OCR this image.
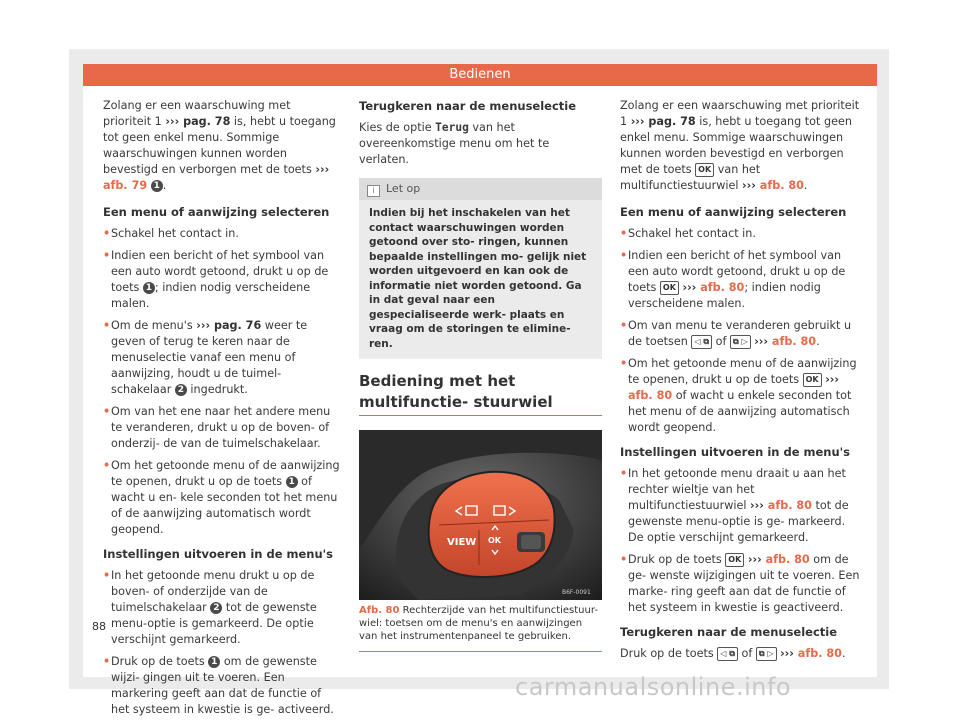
Bedienen

Zolang er een waarschuwing met prioriteit 1 ››› pag. 78 is, hebt u toegang tot geen enkel menu. Sommige waarschuwingen kunnen worden bevestigd en verborgen met de toets ››› afb. 79 1 .

Een menu of aanwijzing selecteren
• Schakel het contact in.
• Indien een bericht of het symbool van een auto wordt getoond, drukt u op de toets 1 ; indien nodig verscheidene malen.
• Om de menu's ››› pag. 76 weer te geven of terug te keren naar de menuselectie vanaf een menu of aanwijzing, houdt u de tuimel- schakelaar 2 ingedrukt.
• Om van het ene naar het andere menu te veranderen, drukt u op de boven- of onderzij- de van de tuimelschakelaar.
• Om het getoonde menu of de aanwijzing te openen, drukt u op de toets 1 of wacht u en- kele seconden tot het menu of de aanwijzing automatisch wordt geopend.
Instellingen uitvoeren in de menu's
• In het getoonde menu drukt u op de boven- of onderzijde van de tuimelschakelaar 2 tot de gewenste menu-optie is gemarkeerd. De optie verschijnt gemarkeerd.
• Druk op de toets 1 om de gewenste wijzi- gingen uit te voeren. Een markering geeft aan dat de functie of het systeem in kwestie is ge- activeerd.
Terugkeren naar de menuselectie

Kies de optie Terug van het overeenkomstige menu om het te verlaten.

i Let op
Indien bij het inschakelen van het contact waarschuwingen worden getoond over sto- ringen, kunnen bepaalde instellingen mo- gelijk niet worden uitgevoerd en kan ook de informatie niet worden getoond. Ga in dat geval naar een gespecialiseerde werk- plaats en vraag om de storingen te elimine- ren.
Bediening met het multifunctie- stuurwiel
VIEW OK
B6F-0091
Afb. 80 Rechterzijde van het multifunctiestuur- wiel: toetsen om de menu's en aanwijzingen van het instrumentenpaneel te gebruiken.

Zolang er een waarschuwing met prioriteit 1 ››› pag. 78 is, hebt u toegang tot geen enkel menu. Sommige waarschuwingen kunnen worden bevestigd en verborgen met de toets OK van het multifunctiestuurwiel ››› afb. 80.

Een menu of aanwijzing selecteren
• Schakel het contact in.
• Indien een bericht of het symbool van een auto wordt getoond, drukt u op de toets OK ››› afb. 80; indien nodig verscheidene malen.
• Om van menu te veranderen gebruikt u de toetsen ◁ ⧉ of ⧉ ▷ ››› afb. 80.
• Om het getoonde menu of de aanwijzing te openen, drukt u op de toets OK ››› afb. 80 of wacht u enkele seconden tot het menu of de aanwijzing automatisch wordt geopend.
Instellingen uitvoeren in de menu's
• In het getoonde menu draait u aan het rechter wieltje van het multifunctiestuurwiel ››› afb. 80 tot de gewenste menu-optie is ge- markeerd. De optie verschijnt gemarkeerd.
• Druk op de toets OK ››› afb. 80 om de ge- wenste wijzigingen uit te voeren. Een marke- ring geeft aan dat de functie of het systeem in kwestie is geactiveerd.
Terugkeren naar de menuselectie

Druk op de toets ◁ ⧉ of ⧉ ▷ ››› afb. 80.

88
carmanualsonline.info
